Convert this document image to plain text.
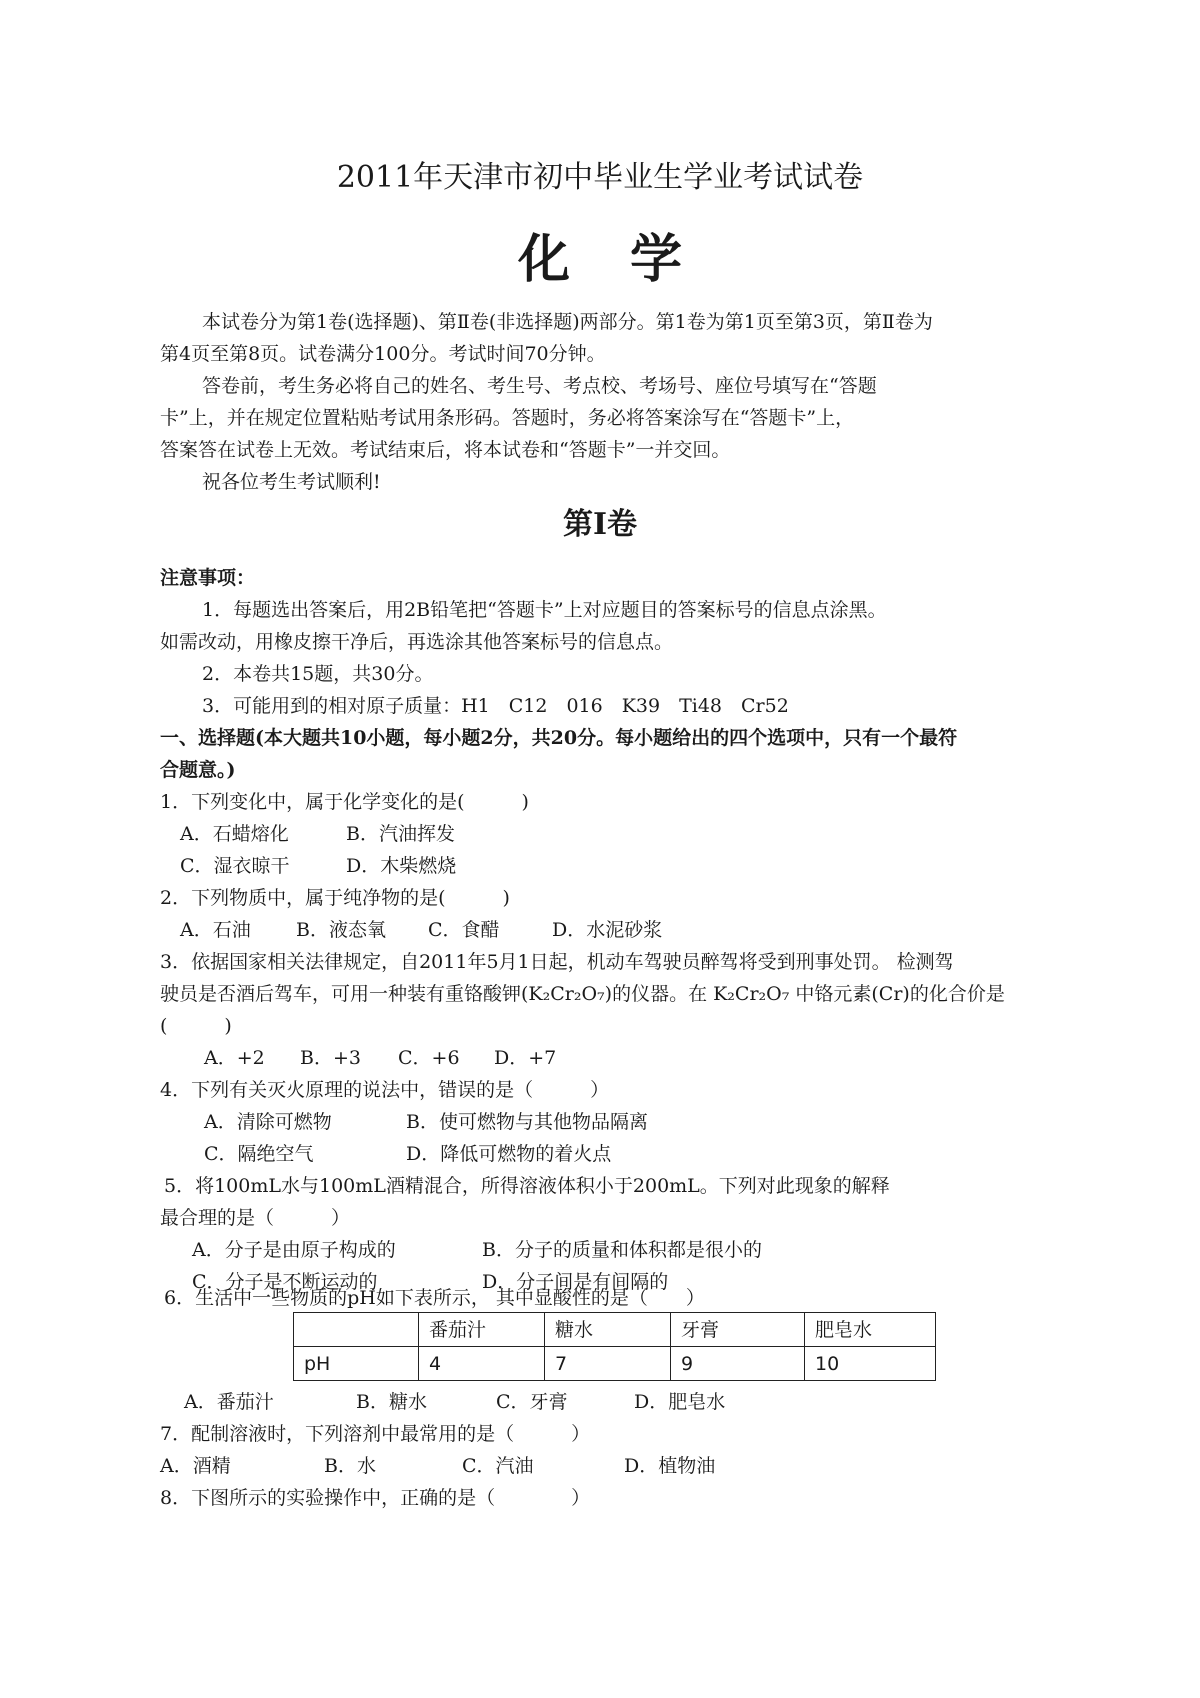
2011年天津市初中毕业生学业考试试卷
化学
本试卷分为第1卷(选择题)、第Ⅱ卷(非选择题)两部分。第1卷为第1页至第3页，第Ⅱ卷为
第4页至第8页。试卷满分100分。考试时间70分钟。
答卷前，考生务必将自己的姓名、考生号、考点校、考场号、座位号填写在“答题
卡”上，并在规定位置粘贴考试用条形码。答题时，务必将答案涂写在“答题卡”上，
答案答在试卷上无效。考试结束后，将本试卷和“答题卡”一并交回。
祝各位考生考试顺利!
第Ⅰ卷
注意事项：
1．每题选出答案后，用2B铅笔把“答题卡”上对应题目的答案标号的信息点涂黑。
如需改动，用橡皮擦干净后，再选涂其他答案标号的信息点。
2．本卷共15题，共30分。
3．可能用到的相对原子质量：H1　C12　016　K39　Ti48　Cr52
一、选择题(本大题共10小题，每小题2分，共20分。每小题给出的四个选项中，只有一个最符
合题意。)
1．下列变化中，属于化学变化的是(　　　)
A．石蜡熔化	B．汽油挥发
C．湿衣晾干	D．木柴燃烧
2．下列物质中，属于纯净物的是(　　　)
A．石油 B．液态氧 C．食醋	D．水泥砂浆
3．依据国家相关法律规定，自2011年5月1日起，机动车驾驶员醉驾将受到刑事处罚。 检测驾
驶员是否酒后驾车，可用一种装有重铬酸钾(K₂Cr₂O₇)的仪器。在 K₂Cr₂O₇ 中铬元素(Cr)的化合价是
(　　　)
A．+2 B．+3 C．+6 D．+7
4．下列有关灭火原理的说法中，错误的是（　　　）
A．清除可燃物	B．使可燃物与其他物品隔离
C．隔绝空气	D．降低可燃物的着火点
5．将100mL水与100mL酒精混合，所得溶液体积小于200mL。下列对此现象的解释
最合理的是（　　　）
A．分子是由原子构成的	B．分子的质量和体积都是很小的
C．分子是不断运动的	D．分子间是有间隔的
6．生活中一些物质的pH如下表所示， 其中显酸性的是（　　）
	番茄汁	糖水	牙膏	肥皂水
pH	4	7	9	10
A．番茄汁	B．糖水	C．牙膏	D．肥皂水
7．配制溶液时，下列溶剂中最常用的是（　　　）
A．酒精	B．水	C．汽油	D．植物油
8．下图所示的实验操作中，正确的是（　　　　）
